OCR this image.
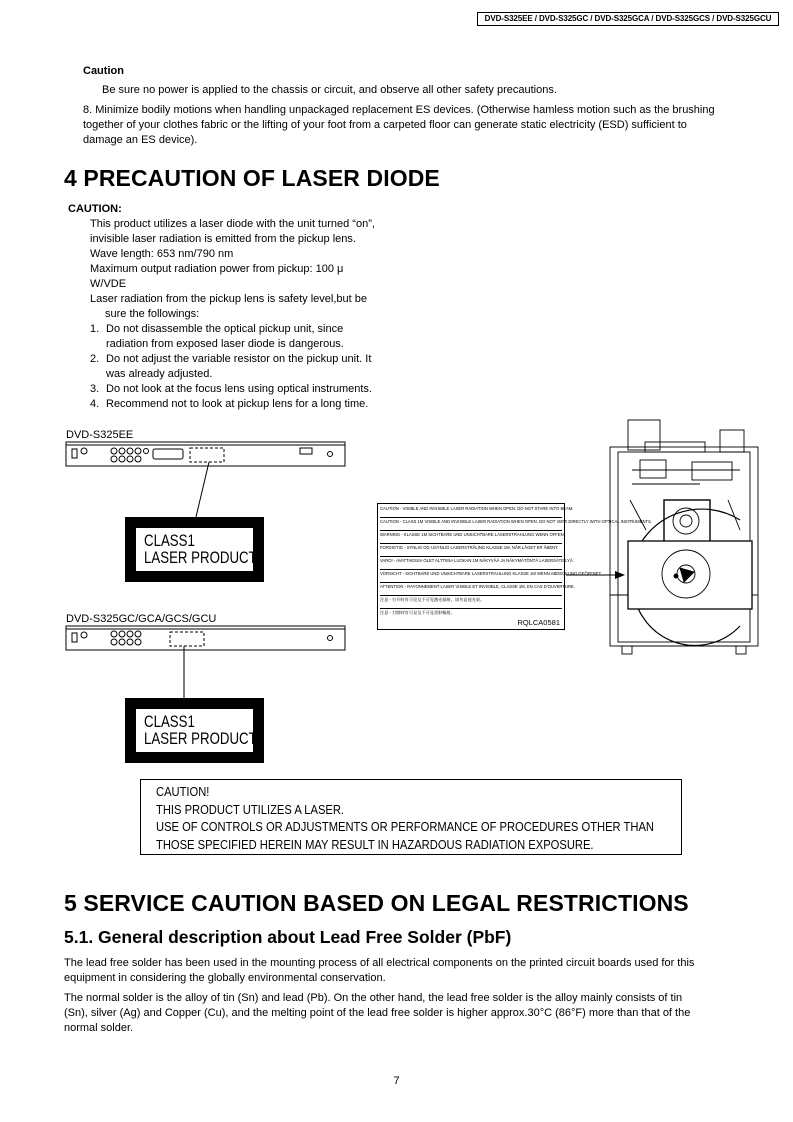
DVD-S325EE / DVD-S325GC / DVD-S325GCA / DVD-S325GCS / DVD-S325GCU
Caution
Be sure no power is applied to the chassis or circuit, and observe all other safety precautions.
8. Minimize bodily motions when handling unpackaged replacement ES devices. (Otherwise hamless motion such as the brushing
together of your clothes fabric or the lifting of your foot from a carpeted floor can generate static electricity (ESD) sufficient to
damage an ES device).
4 PRECAUTION OF LASER DIODE
CAUTION:
This product utilizes a laser diode with the unit turned “on”,
invisible laser radiation is emitted from the pickup lens.
Wave length: 653 nm/790 nm
Maximum output radiation power from pickup: 100 μ
W/VDE
Laser radiation from the pickup lens is safety level,but be
sure the followings:
1. Do not disassemble the optical pickup unit, since
radiation from exposed laser diode is dangerous.
2. Do not adjust the variable resistor on the pickup unit. It
was already adjusted.
3. Do not look at the focus lens using optical instruments.
4. Recommend not to look at pickup lens for a long time.
DVD-S325EE
DVD-S325GC/GCA/GCS/GCU
CLASS1
LASER PRODUCT
CLASS1
LASER PRODUCT
CAUTION - VISIBLE AND INVISIBLE LASER RADIATION WHEN OPEN. DO NOT STARE INTO BEAM.
CAUTION - CLASS 1M VISIBLE AND INVISIBLE LASER RADIATION WHEN OPEN. DO NOT VIEW DIRECTLY WITH OPTICAL INSTRUMENTS.
WARNING - KLASSE 1M SICHTBARE UND UNSICHTBARE LASERSTRAHLUNG WENN OFFEN.
FORSIGTIG - SYNLIG OG USYNLIG LASERSTRÅLING KLASSE 1M, NÅR LÅGET ER ÅBENT.
VARO! - AVATTAESSA OLET ALTTIINA LUOKAN 1M NÄKYVÄÄ JA NÄKYMÄTÖNTÄ LASERSÄTEILYÄ.
VORSICHT - SICHTBARE UND UNSICHTBARE LASERSTRAHLUNG KLASSE 1M WENN ABDECKUNG GEÖFFNET.
ATTENTION - RAYONNEMENT LASER VISIBLE ET INVISIBLE, CLASSE 1M, EN CAS D'OUVERTURE.
注意 - 打开时有可见及不可见激光辐射，请勿直视光束。
注意 - 打開時有可見及不可見雷射輻射。
RQLCA0581
CAUTION!
THIS PRODUCT UTILIZES A LASER.
USE OF CONTROLS OR ADJUSTMENTS OR PERFORMANCE OF PROCEDURES OTHER THAN
THOSE SPECIFIED HEREIN MAY RESULT IN HAZARDOUS RADIATION EXPOSURE.
5 SERVICE CAUTION BASED ON LEGAL RESTRICTIONS
5.1. General description about Lead Free Solder (PbF)
The lead free solder has been used in the mounting process of all electrical components on the printed circuit boards used for this
equipment in considering the globally environmental conservation.
The normal solder is the alloy of tin (Sn) and lead (Pb). On the other hand, the lead free solder is the alloy mainly consists of tin
(Sn), silver (Ag) and Copper (Cu), and the melting point of the lead free solder is higher approx.30°C (86°F) more than that of the
normal solder.
7
